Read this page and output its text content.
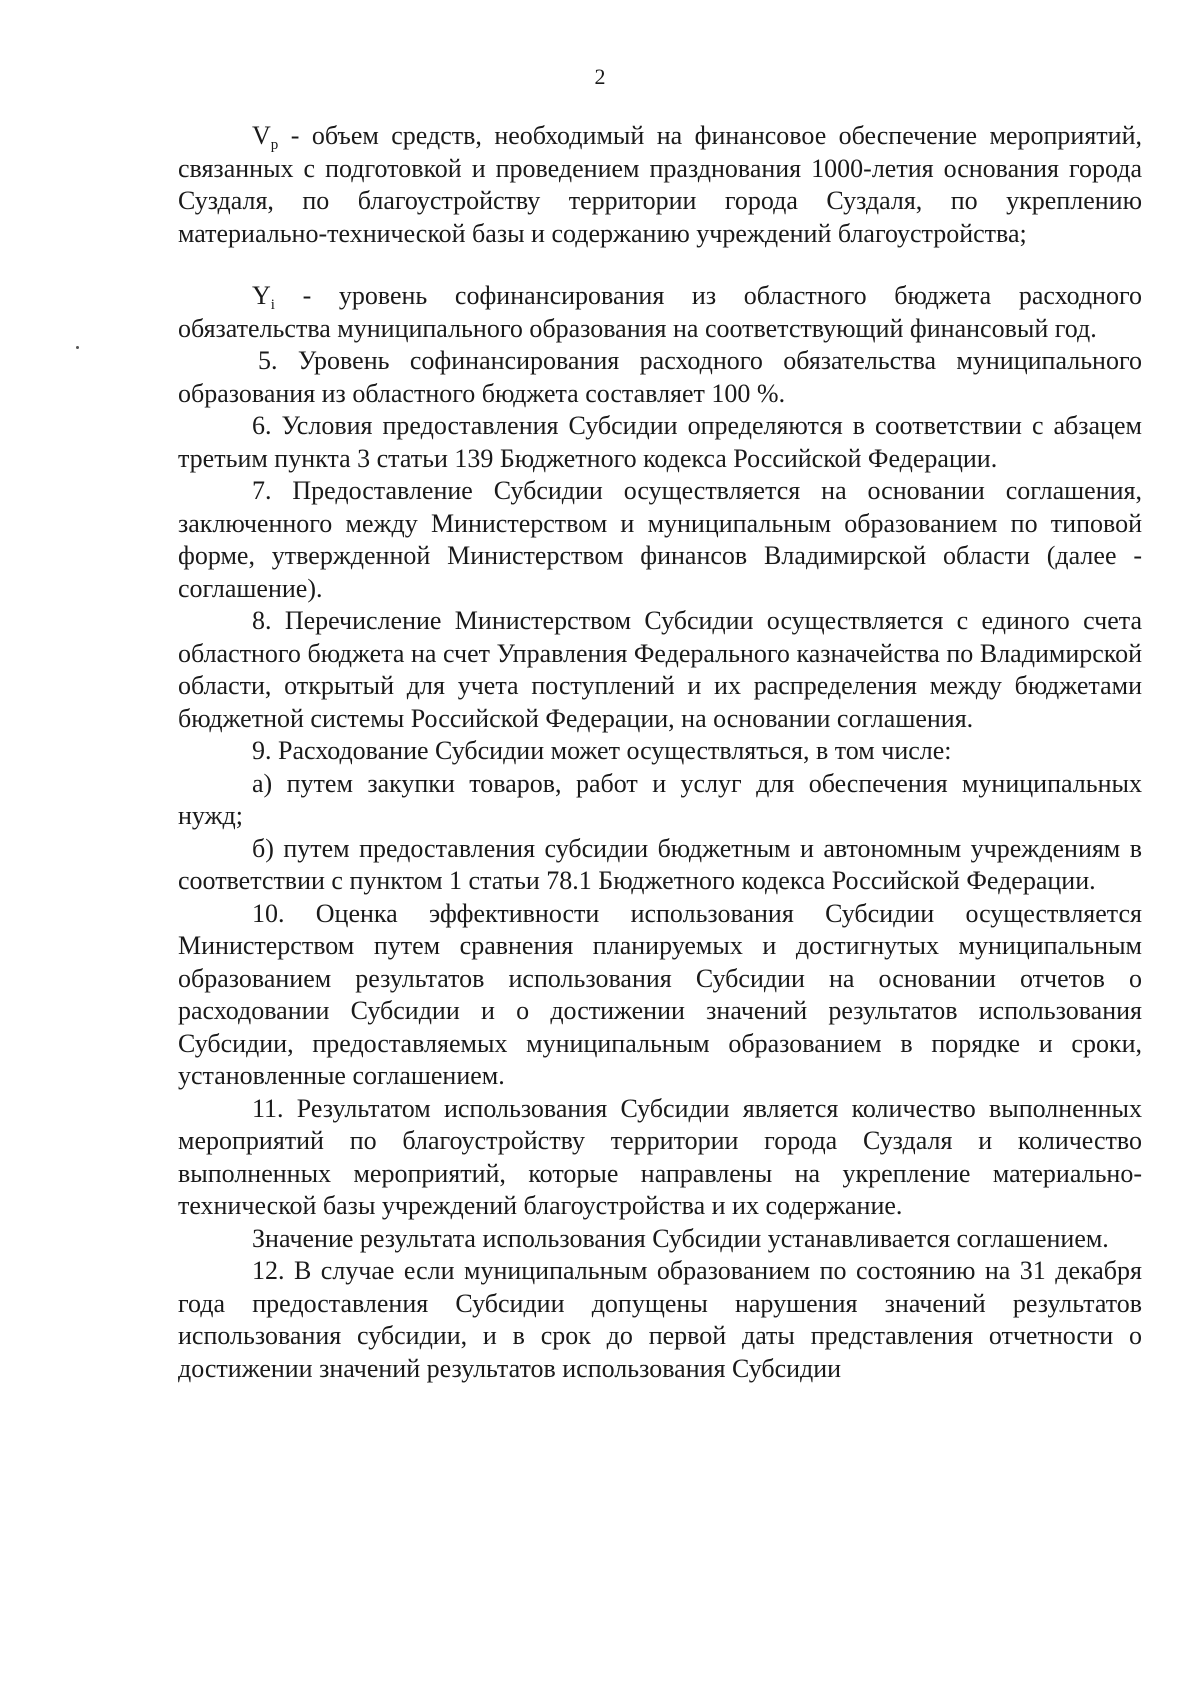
2

$V_p$ - объем средств, необходимый на финансовое обеспечение мероприятий, связанных с подготовкой и проведением празднования 1000-летия основания города Суздаля, по благоустройству территории города Суздаля, по укреплению материально-технической базы и содержанию учреждений благоустройства;

$Y_i$ - уровень софинансирования из областного бюджета расходного обязательства муниципального образования на соответствующий финансовый год.

5. Уровень софинансирования расходного обязательства муниципального образования из областного бюджета составляет 100 %.

6. Условия предоставления Субсидии определяются в соответствии с абзацем третьим пункта 3 статьи 139 Бюджетного кодекса Российской Федерации.

7. Предоставление Субсидии осуществляется на основании соглашения, заключенного между Министерством и муниципальным образованием по типовой форме, утвержденной Министерством финансов Владимирской области (далее - соглашение).

8. Перечисление Министерством Субсидии осуществляется с единого счета областного бюджета на счет Управления Федерального казначейства по Владимирской области, открытый для учета поступлений и их распределения между бюджетами бюджетной системы Российской Федерации, на основании соглашения.

9. Расходование Субсидии может осуществляться, в том числе:

а) путем закупки товаров, работ и услуг для обеспечения муниципальных нужд;

б) путем предоставления субсидии бюджетным и автономным учреждениям в соответствии с пунктом 1 статьи 78.1 Бюджетного кодекса Российской Федерации.

10. Оценка эффективности использования Субсидии осуществляется Министерством путем сравнения планируемых и достигнутых муниципальным образованием результатов использования Субсидии на основании отчетов о расходовании Субсидии и о достижении значений результатов использования Субсидии, предоставляемых муниципальным образованием в порядке и сроки, установленные соглашением.

11. Результатом использования Субсидии является количество выполненных мероприятий по благоустройству территории города Суздаля и количество выполненных мероприятий, которые направлены на укрепление материально-технической базы учреждений благоустройства и их содержание.

Значение результата использования Субсидии устанавливается соглашением.

12. В случае если муниципальным образованием по состоянию на 31 декабря года предоставления Субсидии допущены нарушения значений результатов использования субсидии, и в срок до первой даты представления отчетности о достижении значений результатов использования Субсидии
